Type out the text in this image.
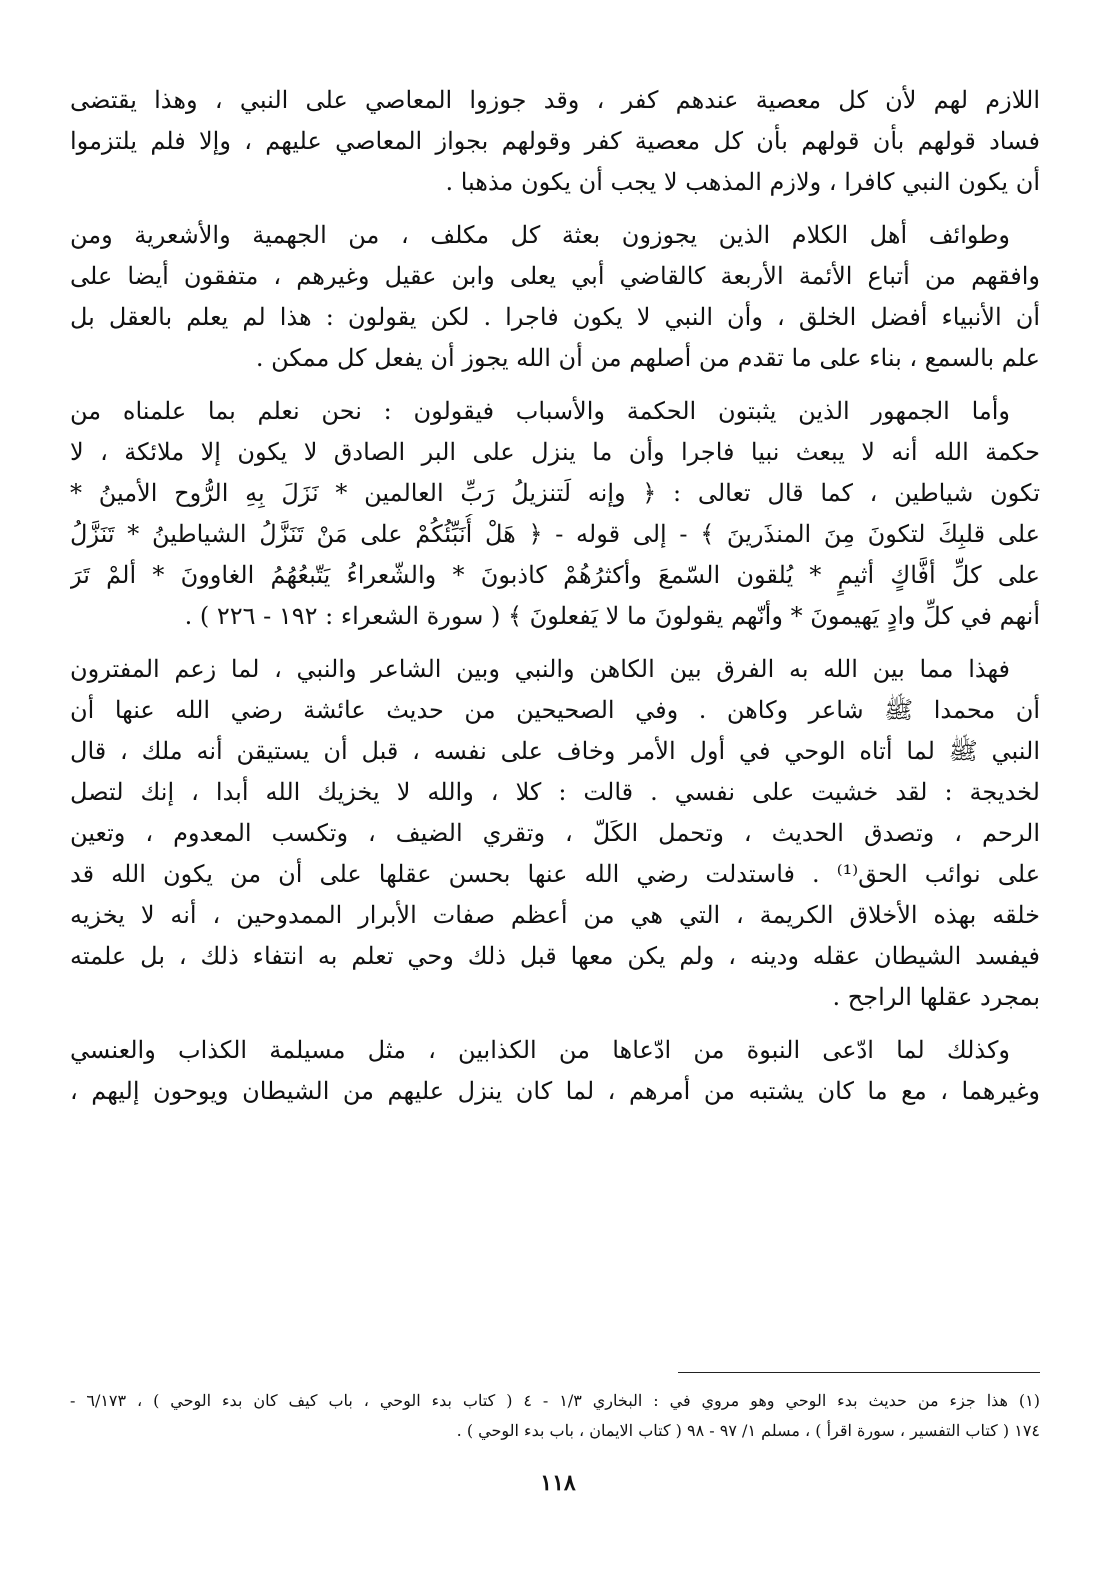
اللازم لهم لأن كل معصية عندهم كفر ، وقد جوزوا المعاصي على النبي ، وهذا يقتضى
فساد قولهم بأن قولهم بأن كل معصية كفر وقولهم بجواز المعاصي عليهم ، وإلا فلم يلتزموا
أن يكون النبي كافرا ، ولازم المذهب لا يجب أن يكون مذهبا .
وطوائف أهل الكلام الذين يجوزون بعثة كل مكلف ، من الجهمية والأشعرية ومن
وافقهم من أتباع الأئمة الأربعة كالقاضي أبي يعلى وابن عقيل وغيرهم ، متفقون أيضا على
أن الأنبياء أفضل الخلق ، وأن النبي لا يكون فاجرا . لكن يقولون : هذا لم يعلم بالعقل بل
علم بالسمع ، بناء على ما تقدم من أصلهم من أن الله يجوز أن يفعل كل ممكن .
وأما الجمهور الذين يثبتون الحكمة والأسباب فيقولون : نحن نعلم بما علمناه من
حكمة الله أنه لا يبعث نبيا فاجرا وأن ما ينزل على البر الصادق لا يكون إلا ملائكة ، لا
تكون شياطين ، كما قال تعالى : ﴿ وإنه لَتنزيلُ رَبِّ العالمين * نَزَلَ بِهِ الرُّوح الأمينُ *
على قلبِكَ لتكونَ مِنَ المنذَرينَ ﴾ - إلى قوله - ﴿ هَلْ أُنَبِّئُكُمْ على مَنْ تَنَزَّلُ الشياطينُ * تَنَزَّلُ
على كلِّ أفَّاكٍ أثيمٍ * يُلقون السّمعَ وأكثرُهُمْ كاذبونَ * والشّعراءُ يَتّبعُهُمُ الغاوونَ * ألمْ تَرَ
أنهم في كلِّ وادٍ يَهيمونَ * وأنّهم يقولونَ ما لا يَفعلونَ ﴾ ( سورة الشعراء : ١٩٢ - ٢٢٦ ) .
فهذا مما بين الله به الفرق بين الكاهن والنبي وبين الشاعر والنبي ، لما زعم المفترون
أن محمدا ﷺ شاعر وكاهن . وفي الصحيحين من حديث عائشة رضي الله عنها أن
النبي ﷺ لما أتاه الوحي في أول الأمر وخاف على نفسه ، قبل أن يستيقن أنه ملك ، قال
لخديجة : لقد خشيت على نفسي . قالت : كلا ، والله لا يخزيك الله أبدا ، إنك لتصل
الرحم ، وتصدق الحديث ، وتحمل الكَلّ ، وتقري الضيف ، وتكسب المعدوم ، وتعين
على نوائب الحق⁽¹⁾ . فاستدلت رضي الله عنها بحسن عقلها على أن من يكون الله قد
خلقه بهذه الأخلاق الكريمة ، التي هي من أعظم صفات الأبرار الممدوحين ، أنه لا يخزيه
فيفسد الشيطان عقله ودينه ، ولم يكن معها قبل ذلك وحي تعلم به انتفاء ذلك ، بل علمته
بمجرد عقلها الراجح .
وكذلك لما ادّعى النبوة من ادّعاها من الكذابين ، مثل مسيلمة الكذاب والعنسي
وغيرهما ، مع ما كان يشتبه من أمرهم ، لما كان ينزل عليهم من الشيطان ويوحون إليهم ،
(١) هذا جزء من حديث بدء الوحي وهو مروي في : البخاري ١/٣ - ٤ ( كتاب بدء الوحي ، باب كيف كان بدء الوحي ) ، ٦/١٧٣ -
١٧٤ ( كتاب التفسير ، سورة اقرأ ) ، مسلم ١/ ٩٧ - ٩٨ ( كتاب الايمان ، باب بدء الوحي ) .
١١٨
